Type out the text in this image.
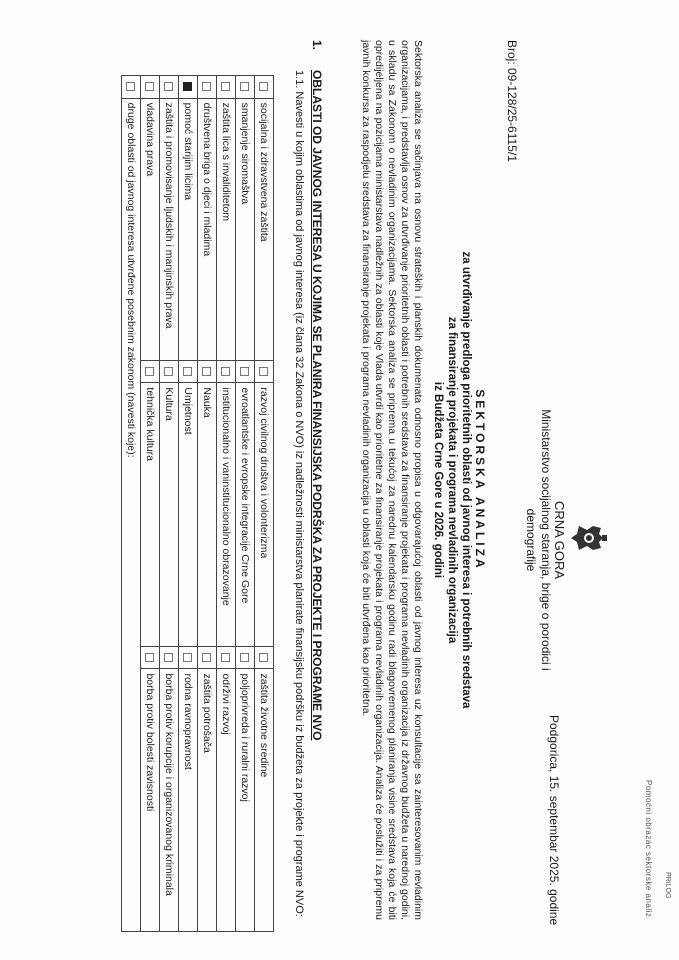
PRILOG
Pomoćni obrazac sektorske analiz
Podgorica, 15. septembar 2025. godine
CRNA GORA
Ministarstvo socijalnog staranja, brige o porodici i
demografije
Broj: 09-128/25-6115/1
SEKTORSKA ANALIZA
za utvrđivanje predloga prioritetnih oblasti od javnog interesa i potrebnih sredstava
za finansiranje projekata i programa nevladinih organizacija
iz Budžeta Crne Gore u 2026. godini
Sektorska analiza se sačinjava na osnovu strateških i planskih dokumenata odnosno propisa u odgovarajućoj oblasti od javnog interesa uz konsultacije sa zainteresovanim nevladinim organizacijama, i predstavlja osnov za utvrđivanje prioritetnih oblasti i potrebnih sredstava za finansiranje projekata i programa nevladinih organizacija iz državnog budžeta u narednoj godini, u skladu sa Zakonom o nevladinim organizacijama. Sektorska analiza se priprema u tekućoj za narednu kalendarsku godinu radi blagovremenog planiranja visine sredstava koja će biti opredijeljena na pozicijama ministarstava nadležnih za oblasti koje Vlada utvrdi kao prioritetne za finansiranje projekata i programa nevladinih organizacija. Analiza će poslužiti i za pripremu javnih konkursa za raspodjelu sredstava za finansiranje projekata i programa nevladinih organizacija u oblasti koja će biti utvrđena kao prioritetna.
1.OBLASTI OD JAVNOG INTERESA U KOJIMA SE PLANIRA FINANSIJSKA PODRŠKA ZA PROJEKTE I PROGRAME NVO
1.1. Navesti u kojim oblastima od javnog interesa (iz člana 32 Zakona o NVO) iz nadležnosti ministarstva planirate finansijsku podršku iz budžeta za projekte i programe NVO:
	socijalna i zdravstvena zaštita		razvoj civilnog društva i volonterizma		zaštita životne sredine
	smanjenje siromaštva		evroatlantske i evropske integracije Crne Gore		poljoprivreda i ruralni razvoj
	zaštita lica s invaliditetom		institucionalno i vaninstitucionalno obrazovanje		održivi razvoj
	društvena briga o djeci i mladima		Nauka		zaštita potrošača
	pomoć starijim licima		Umjetnost		rodna ravnopravnost
	zaštita i promovisanje ljudskih i manjinskih prava		Kultura		borba protiv korupcije i organizovanog kriminala
	vladavina prava		tehnička kultura		borba protiv bolesti zavisnosti
	druge oblasti od javnog interesa utvrđene posebnim zakonom (navesti koje):				
